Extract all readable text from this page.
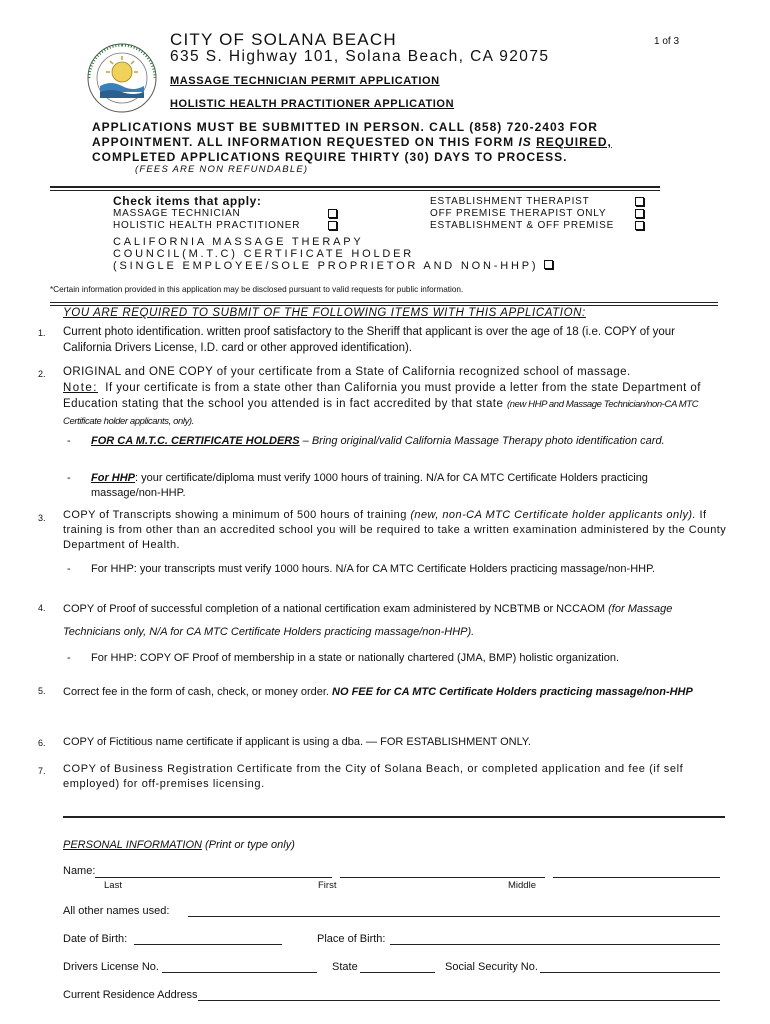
CITY OF SOLANA BEACH
635 S. Highway 101, Solana Beach, CA 92075
1 of 3
MASSAGE TECHNICIAN PERMIT APPLICATION
HOLISTIC HEALTH PRACTITIONER APPLICATION
APPLICATIONS MUST BE SUBMITTED IN PERSON. CALL (858) 720-2403 FOR APPOINTMENT. ALL INFORMATION REQUESTED ON THIS FORM IS REQUIRED,
COMPLETED APPLICATIONS REQUIRE THIRTY (30) DAYS TO PROCESS.
(FEES ARE NON REFUNDABLE)
Check items that apply:
MASSAGE TECHNICIAN
HOLISTIC HEALTH PRACTITIONER
ESTABLISHMENT THERAPIST
OFF PREMISE THERAPIST ONLY
ESTABLISHMENT & OFF PREMISE
CALIFORNIA MASSAGE THERAPY
COUNCIL(M.T.C) CERTIFICATE HOLDER
(SINGLE EMPLOYEE/SOLE PROPRIETOR AND NON-HHP)
*Certain information provided in this application may be disclosed pursuant to valid requests for public information.
YOU ARE REQUIRED TO SUBMIT OF THE FOLLOWING ITEMS WITH THIS APPLICATION:
1. Current photo identification. written proof satisfactory to the Sheriff that applicant is over the age of 18 (i.e. COPY of your California Drivers License, I.D. card or other approved identification).
2. ORIGINAL and ONE COPY of your certificate from a State of California recognized school of massage.
Note: If your certificate is from a state other than California you must provide a letter from the state Department of Education stating that the school you attended is in fact accredited by that state (new HHP and Massage Technician/non-CA MTC Certificate holder applicants, only).
- FOR CA M.T.C. CERTIFICATE HOLDERS – Bring original/valid California Massage Therapy photo identification card.
- For HHP: your certificate/diploma must verify 1000 hours of training. N/A for CA MTC Certificate Holders practicing massage/non-HHP.
3. COPY of Transcripts showing a minimum of 500 hours of training (new, non-CA MTC Certificate holder applicants only). If training is from other than an accredited school you will be required to take a written examination administered by the County Department of Health.
- For HHP: your transcripts must verify 1000 hours. N/A for CA MTC Certificate Holders practicing massage/non-HHP.
4. COPY of Proof of successful completion of a national certification exam administered by NCBTMB or NCCAOM (for Massage Technicians only, N/A for CA MTC Certificate Holders practicing massage/non-HHP).
- For HHP: COPY OF Proof of membership in a state or nationally chartered (JMA, BMP) holistic organization.
5. Correct fee in the form of cash, check, or money order. NO FEE for CA MTC Certificate Holders practicing massage/non-HHP
6. COPY of Fictitious name certificate if applicant is using a dba. — FOR ESTABLISHMENT ONLY.
7. COPY of Business Registration Certificate from the City of Solana Beach, or completed application and fee (if self employed) for off-premises licensing.
PERSONAL INFORMATION (Print or type only)
Name:
Last	First	Middle
All other names used:
Date of Birth:	Place of Birth:
Drivers License No.	State	Social Security No.
Current Residence Address
